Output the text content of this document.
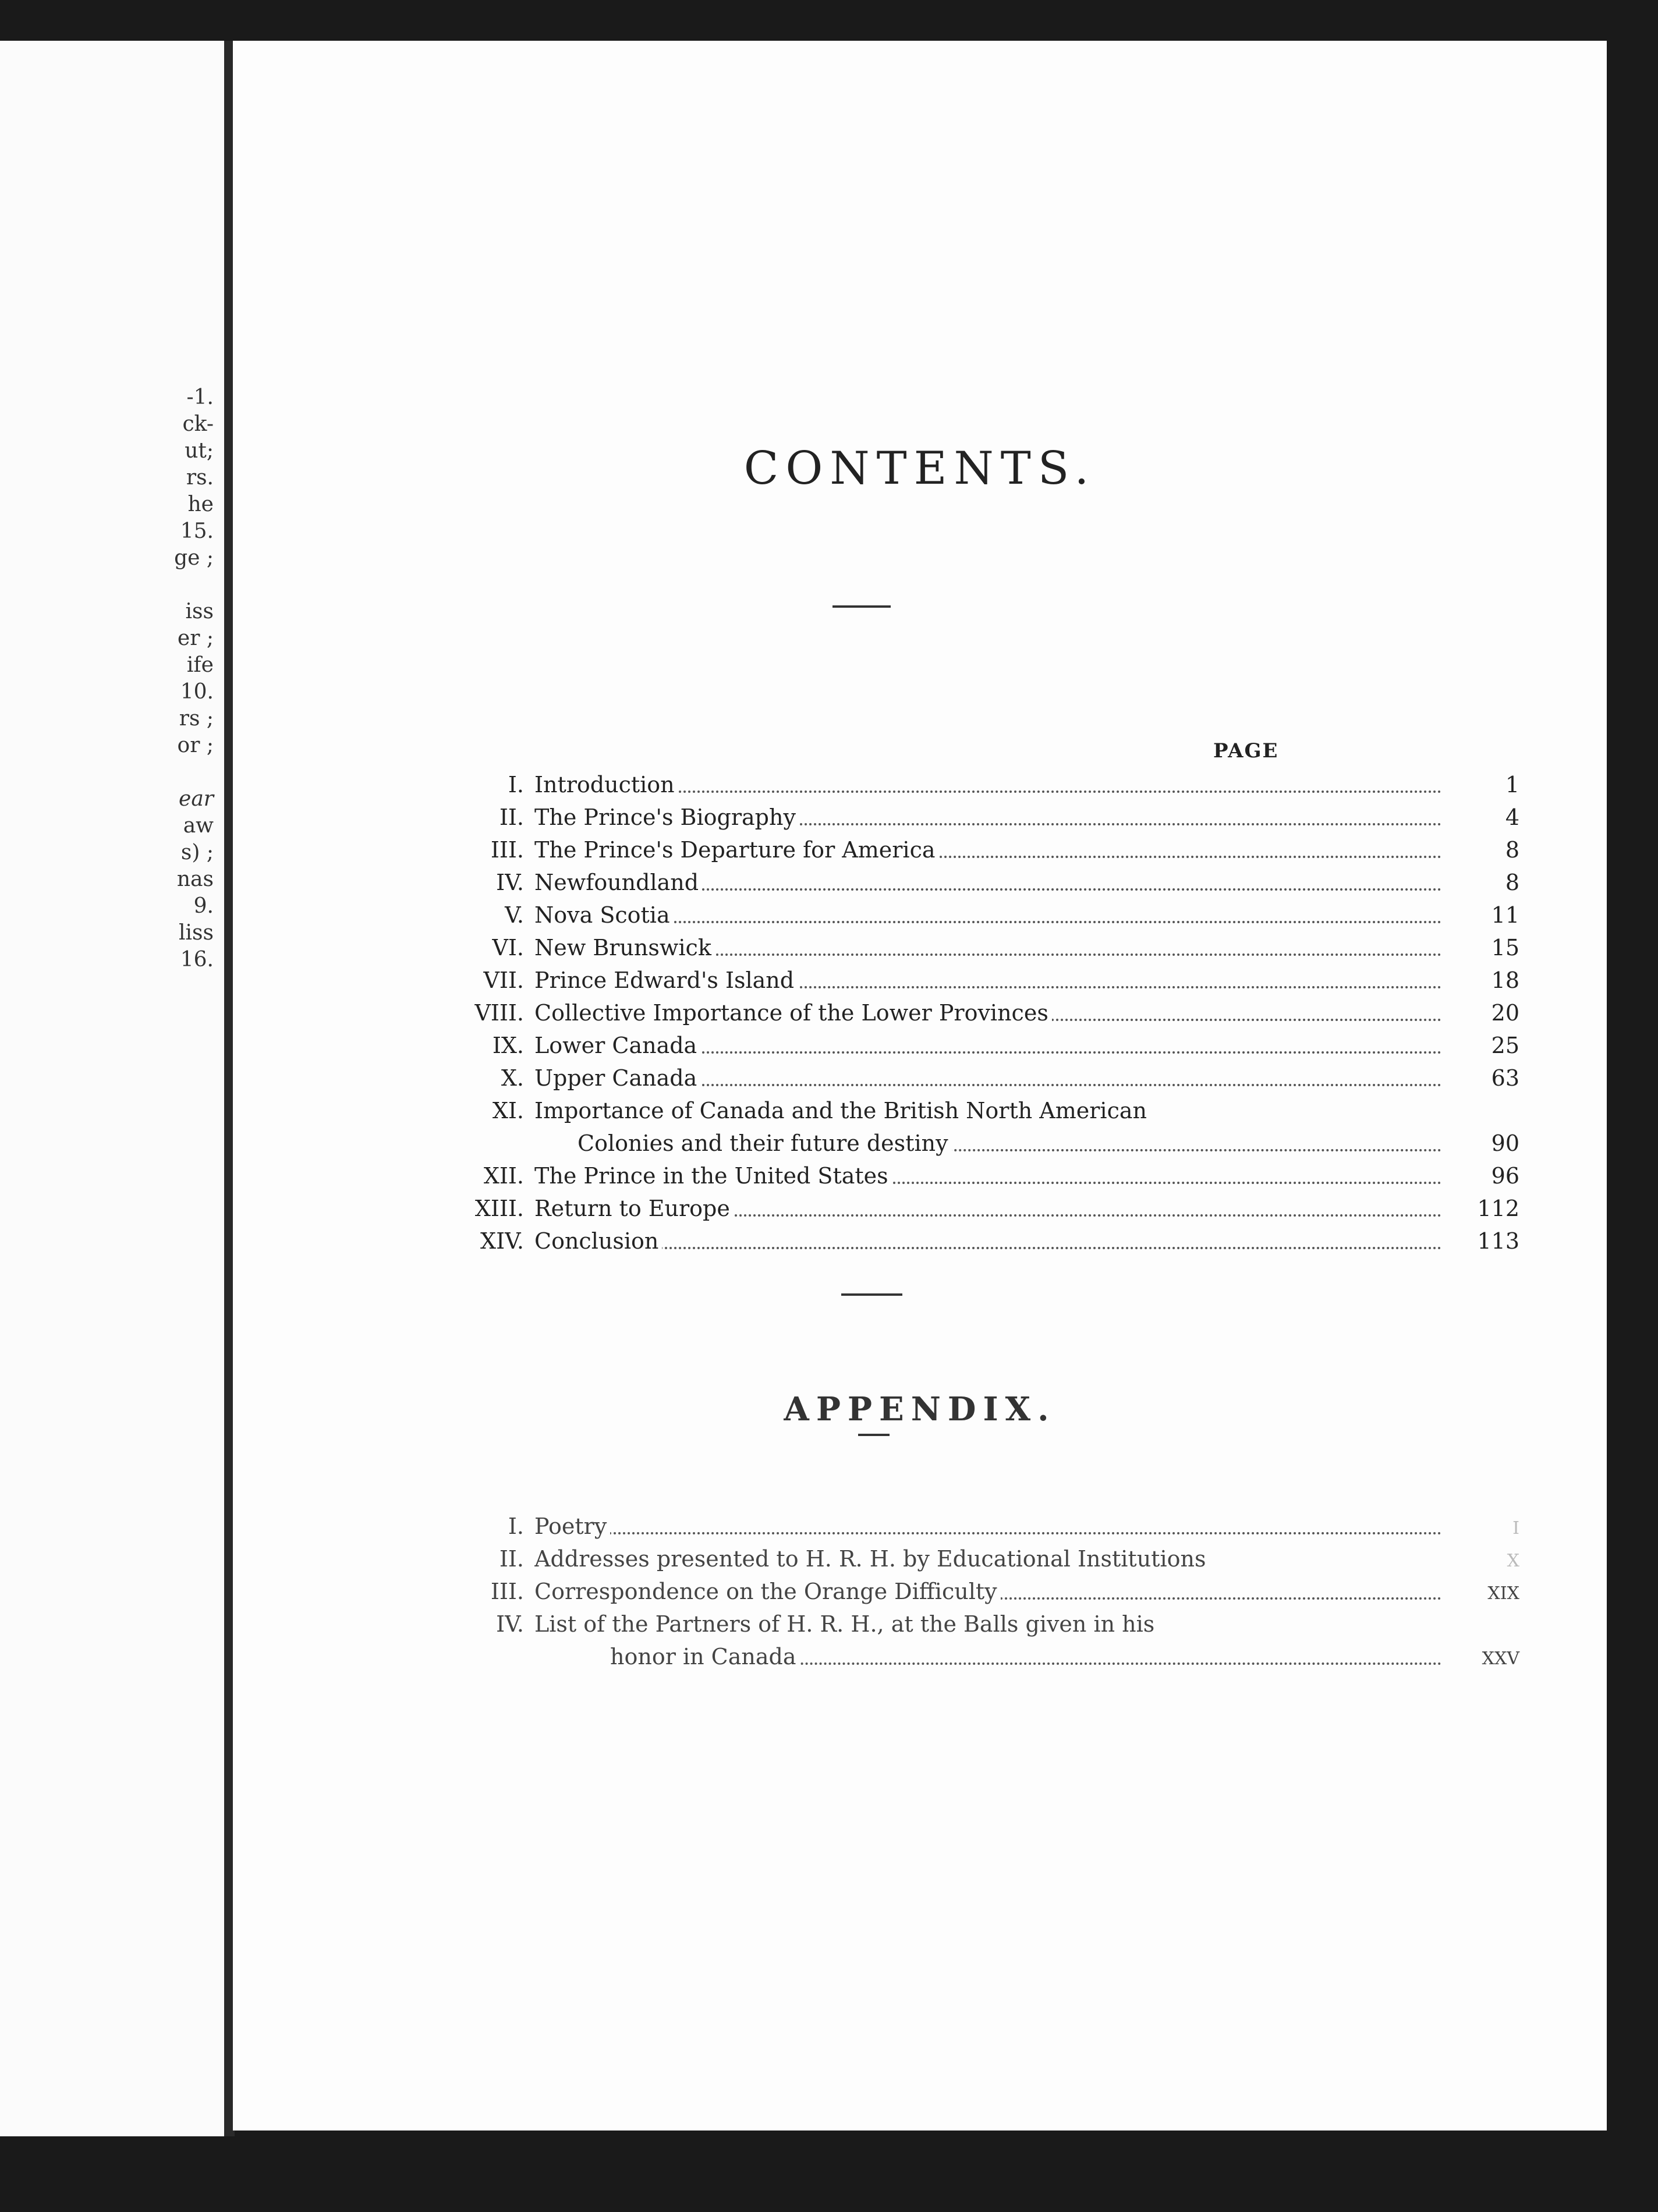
-1.
ck-
ut;
rs.
he
15.
ge ;
iss
er ;
ife
10.
rs ;
or ;
ear
aw
s) ;
nas
9.
liss
16.
CONTENTS.
PAGE
I. Introduction	1
II. The Prince's Biography	4
III. The Prince's Departure for America	8
IV. Newfoundland	8
V. Nova Scotia	11
VI. New Brunswick	15
VII. Prince Edward's Island	18
VIII. Collective Importance of the Lower Provinces	20
IX. Lower Canada	25
X. Upper Canada	63
XI. Importance of Canada and the British North American
Colonies and their future destiny	90
XII. The Prince in the United States	96
XIII. Return to Europe	112
XIV. Conclusion	113
APPENDIX.
I. Poetry	I
II. Addresses presented to H. R. H. by Educational Institutions	X
III. Correspondence on the Orange Difficulty	XIX
IV. List of the Partners of H. R. H., at the Balls given in his
honor in Canada	XXV
